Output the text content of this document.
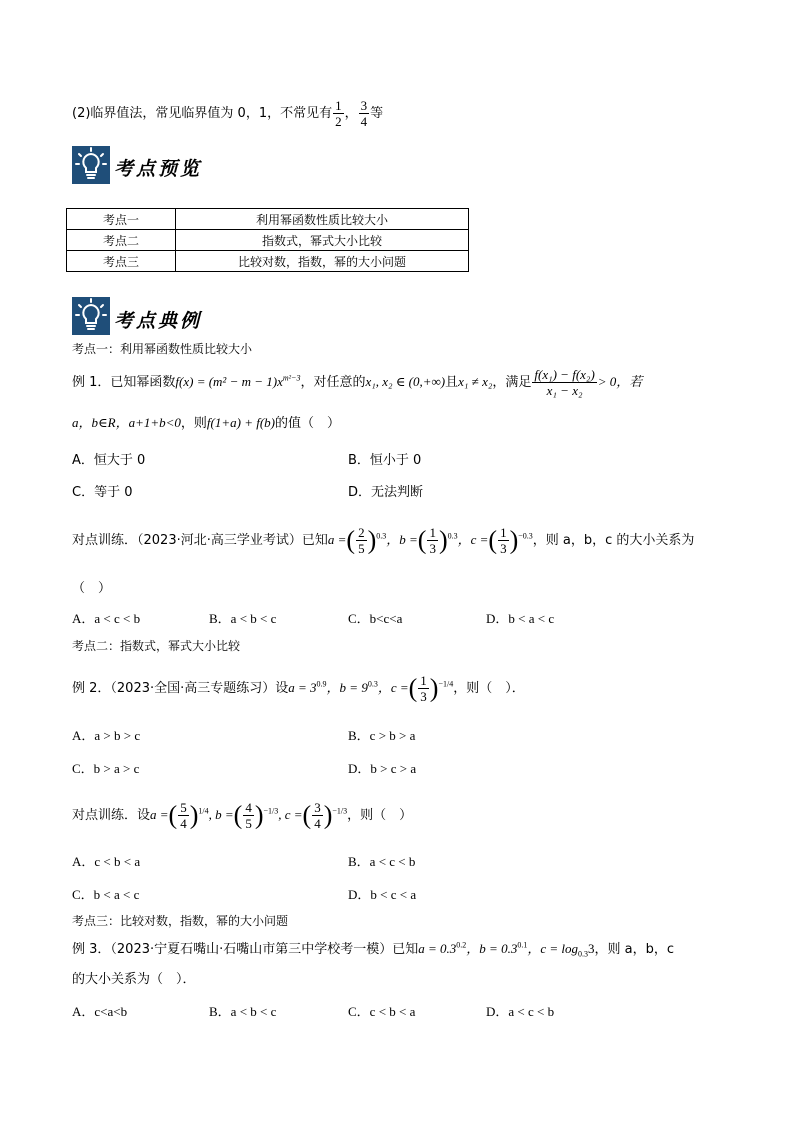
(2)临界值法，常见临界值为 0，1，不常见有 $\frac{1}{2}$ ， $\frac{3}{4}$ 等
考点预览
考点一	利用幂函数性质比较大小
考点二	指数式，幂式大小比较
考点三	比较对数，指数，幂的大小问题
考点典例
考点一：利用幂函数性质比较大小
例 1．已知幂函数$f(x) = (m^2 - m - 1)x^{m^2-3}$，对任意的x₁, x₂ ∈ (0,+∞)且x₁ ≠ x₂，满足 $\frac{\text{f(x₁) − f(x₂)}}{\text{x₁ − x₂}} > 0$，若
a，b∈R，a+1+b<0，则f(1+a) + f(b)的值（　）
A．恒大于 0	B．恒小于 0
C．等于 0	D．无法判断
对点训练．（2023·河北·高三学业考试）已知a =( $\frac{2}{5} )^{0.3}$，b =( $\frac{1}{3} )^{0.3}$，c =( $\frac{1}{3} )^{-0.3}$，则 a，b，c 的大小关系为
（　）
A．a < c < b	B．a < b < c	C．b<c<a	D．b < a < c
考点二：指数式，幂式大小比较
例 2．（2023·全国·高三专题练习）设$a = 3^{0.9}$，$b = 9^{0.3}$，c =( $\frac{1}{3} )^{-1/4}$，则（　）．
A．a > b > c	B．c > b > a
C．b > a > c	D．b > c > a
对点训练．设a =( $\frac{5}{4} )^{1/4}$, b =( $\frac{4}{5} )^{-1/3}$, c =( $\frac{3}{4} )^{-1/3}$，则（　）
A．c < b < a	B．a < c < b
C．b < a < c	D．b < c < a
考点三：比较对数，指数，幂的大小问题
例 3．（2023·宁夏石嘴山·石嘴山市第三中学校考一模）已知$a = 0.3^{0.2}$，$b = 0.3^{0.1}$，$c = \log_{0.3}3$，则 a，b，c
的大小关系为（　）．
A．c<a<b	B．a < b < c	C．c < b < a	D．a < c < b
